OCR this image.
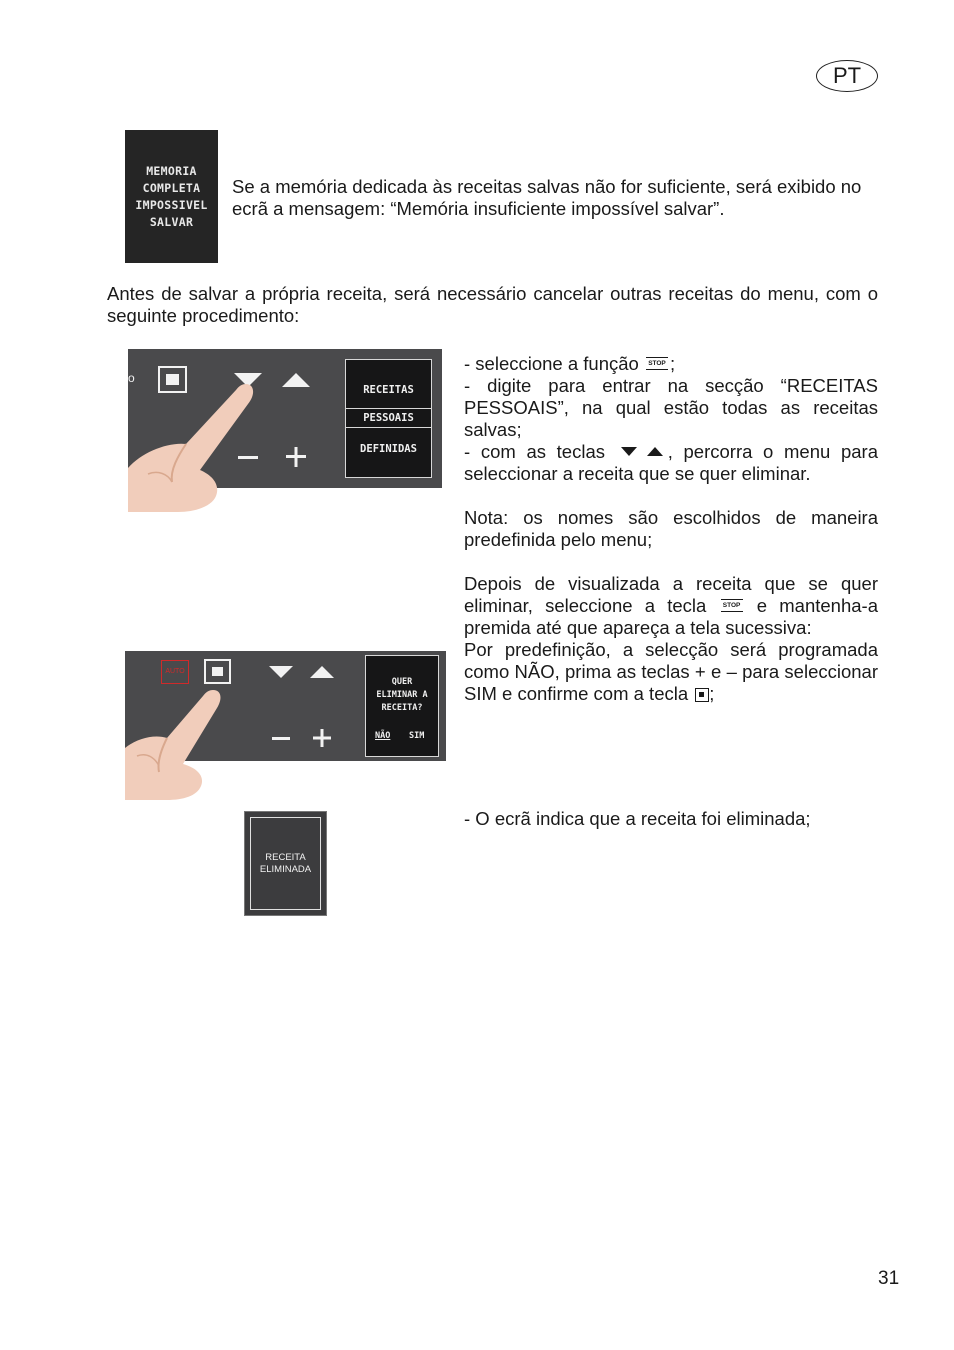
PT
MEMORIA
COMPLETA
IMPOSSIVEL
SALVAR
Se a memória dedicada às receitas salvas não for suficiente, será exibido no ecrã a mensagem: “Memória insuficiente impossível salvar”.
Antes de salvar a própria receita, será necessário cancelar outras receitas do menu, com o seguinte procedimento:
o
RECEITAS
PESSOAIS
DEFINIDAS
AUTO
QUER
ELIMINAR A
RECEITA?
NÃO SIM
RECEITA
ELIMINADA
- seleccione a função	STOP ;
- digite para entrar na secção “RECEITAS PESSOAIS”, na qual estão todas as receitas salvas;
- com as teclas	, percorra o menu para seleccionar a receita que se quer eliminar.
Nota: os nomes são escolhidos de maneira predefinida pelo menu;
Depois de visualizada a receita que se quer eliminar, seleccione a tecla	STOP e mantenha-a premida até que apareça a tela sucessiva:
Por predefinição, a selecção será programada como NÃO, prima as teclas + e – para seleccionar SIM e confirme com a tecla ;
- O ecrã indica que a receita foi eliminada;
31
